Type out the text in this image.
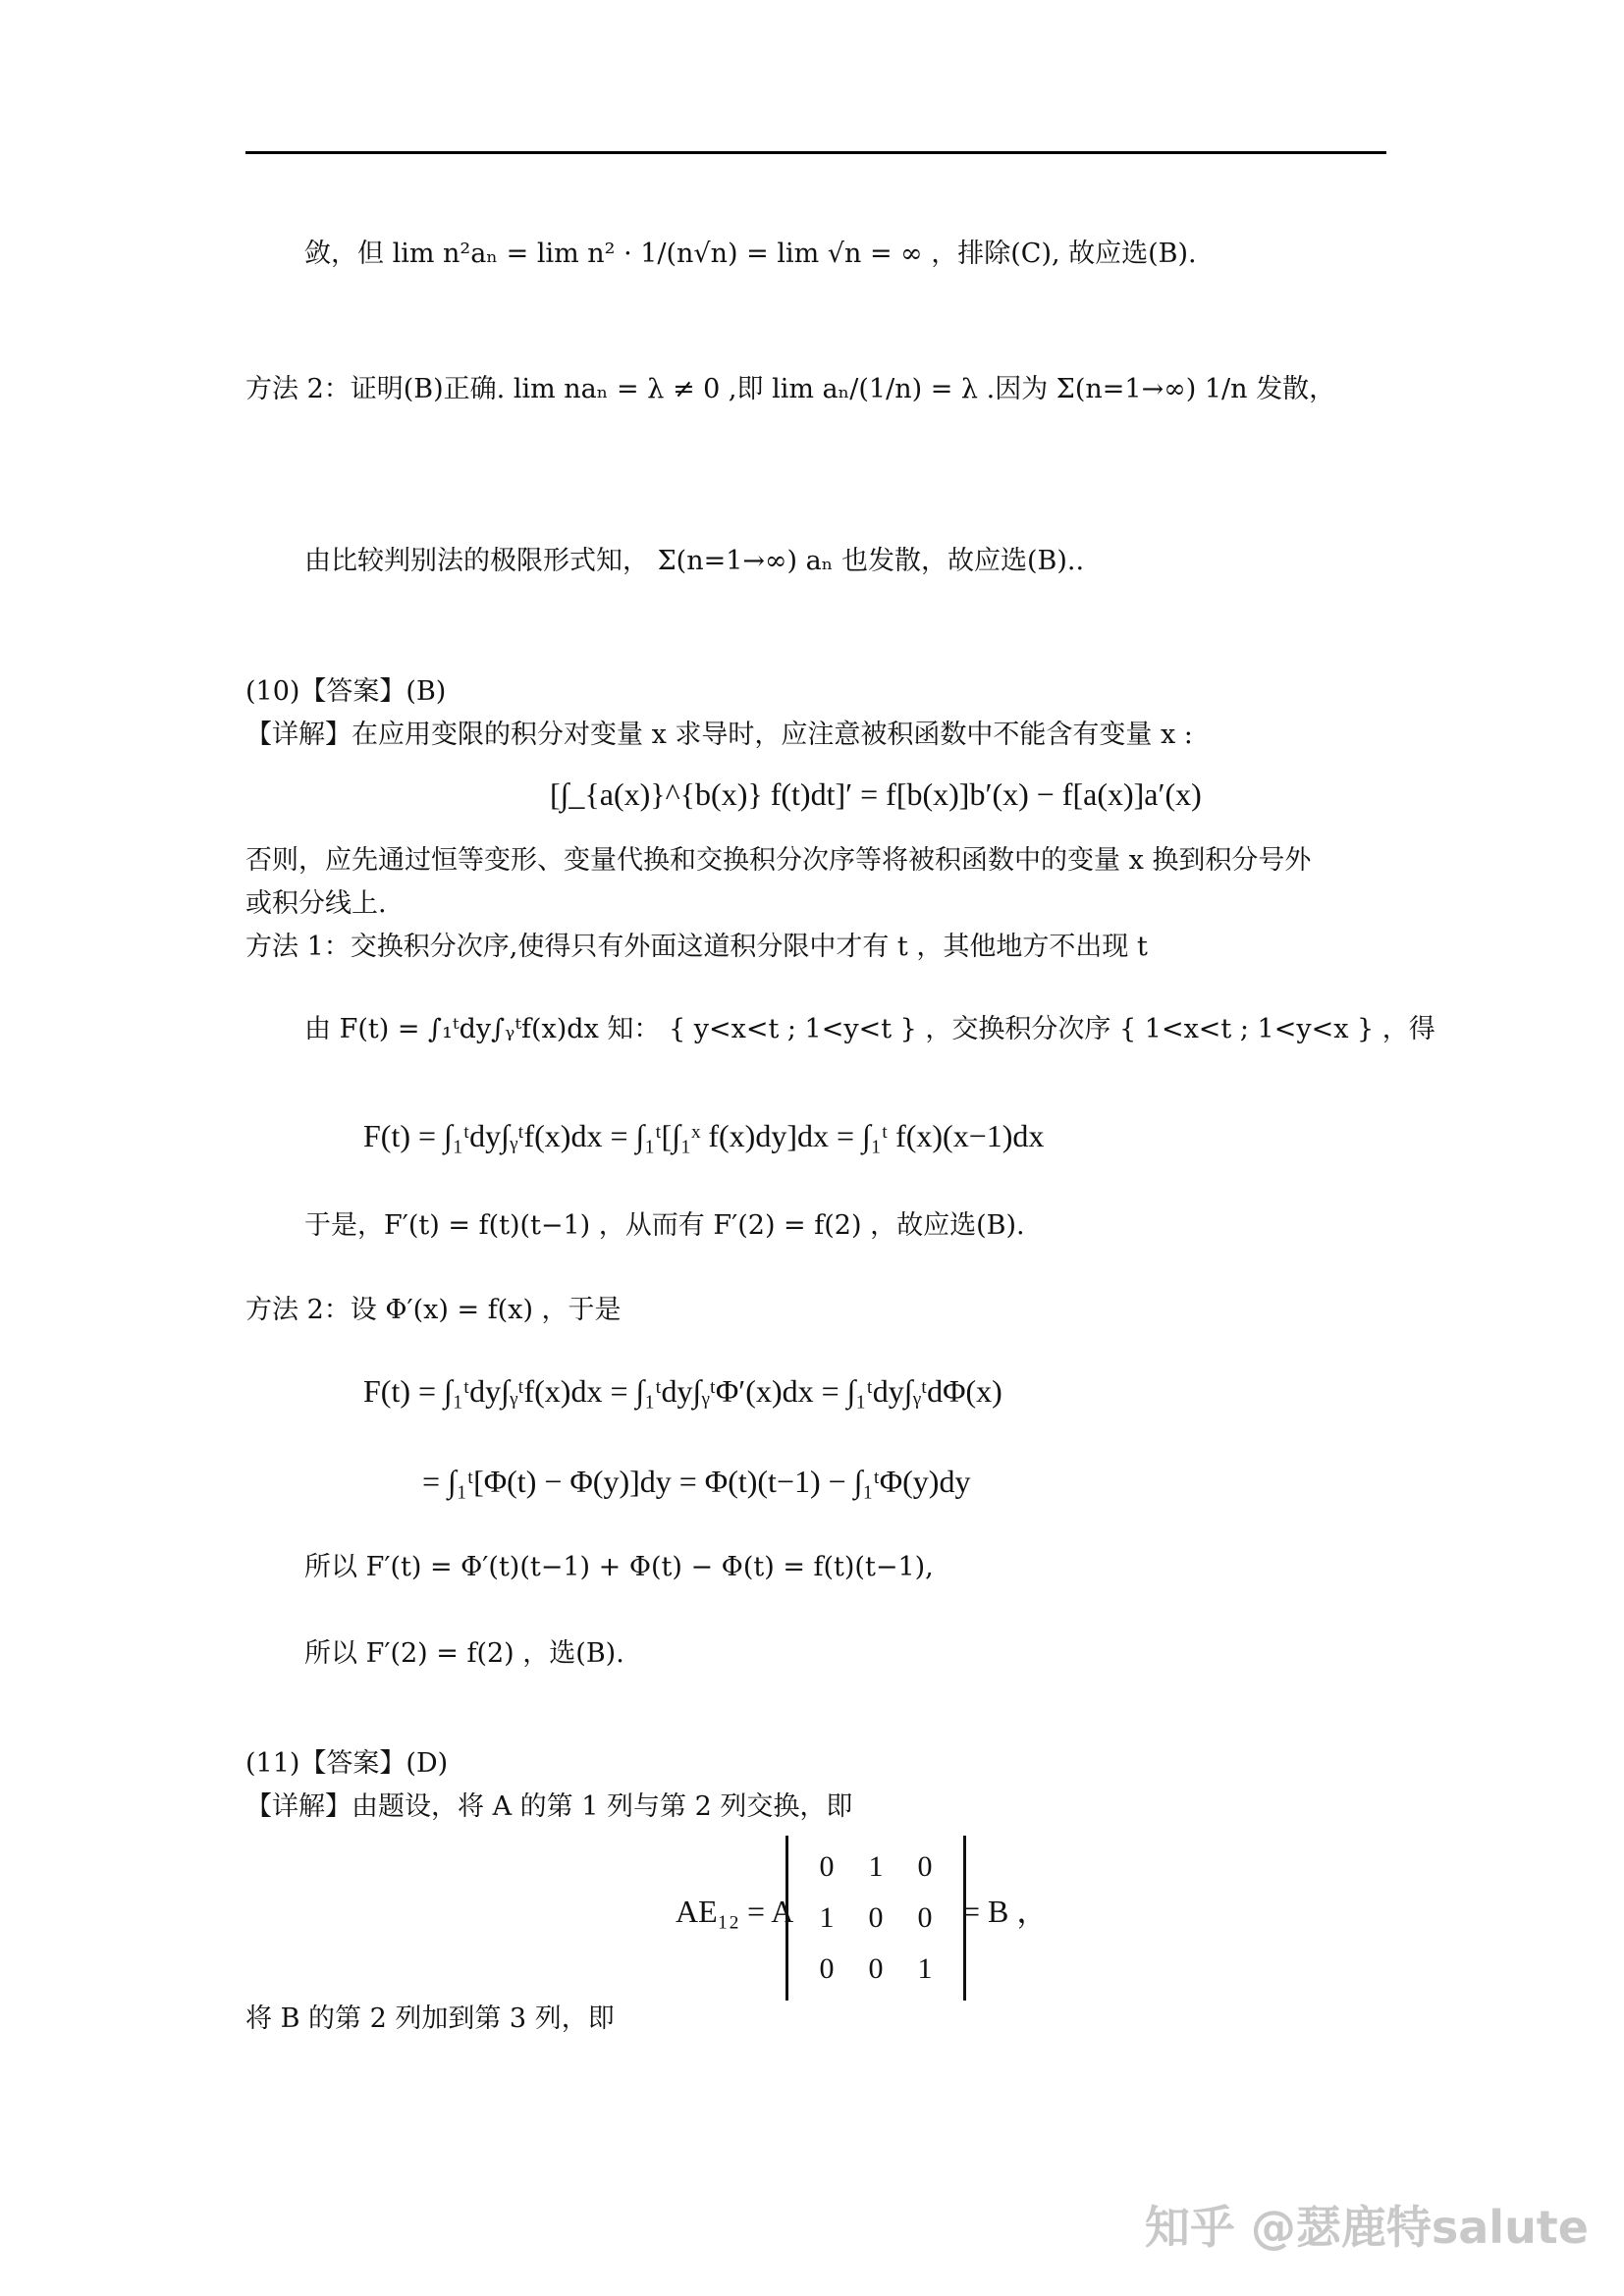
敛，但 lim n²aₙ = lim n² · 1/(n√n) = lim √n = ∞ ，排除(C), 故应选(B).
方法 2：证明(B)正确. lim naₙ = λ ≠ 0 ,即 lim aₙ/(1/n) = λ .因为 Σ(n=1→∞) 1/n 发散，
由比较判别法的极限形式知， Σ(n=1→∞) aₙ 也发散，故应选(B)..
(10)【答案】(B)
【详解】在应用变限的积分对变量 x 求导时，应注意被积函数中不能含有变量 x :
[∫_{a(x)}^{b(x)} f(t)dt]′ = f[b(x)]b′(x) − f[a(x)]a′(x)
否则，应先通过恒等变形、变量代换和交换积分次序等将被积函数中的变量 x 换到积分号外
或积分线上.
方法 1：交换积分次序,使得只有外面这道积分限中才有 t ，其他地方不出现 t
由 F(t) = ∫₁ᵗdy∫ᵧᵗf(x)dx 知： { y<x<t ; 1<y<t } ，交换积分次序 { 1<x<t ; 1<y<x } ，得
F(t) = ∫₁ᵗdy∫ᵧᵗf(x)dx = ∫₁ᵗ[∫₁ˣ f(x)dy]dx = ∫₁ᵗ f(x)(x−1)dx
于是，F′(t) = f(t)(t−1) ，从而有 F′(2) = f(2) ，故应选(B).
方法 2：设 Φ′(x) = f(x) ，于是
F(t) = ∫₁ᵗdy∫ᵧᵗf(x)dx = ∫₁ᵗdy∫ᵧᵗΦ′(x)dx = ∫₁ᵗdy∫ᵧᵗdΦ(x)
= ∫₁ᵗ[Φ(t) − Φ(y)]dy = Φ(t)(t−1) − ∫₁ᵗΦ(y)dy
所以 F′(t) = Φ′(t)(t−1) + Φ(t) − Φ(t) = f(t)(t−1),
所以 F′(2) = f(2) ，选(B).
(11)【答案】(D)
【详解】由题设，将 A 的第 1 列与第 2 列交换，即
AE₁₂ = A	= B ，
将 B 的第 2 列加到第 3 列，即
0	1	0
1	0	0
0	0	1
知乎 @瑟鹿特salute
